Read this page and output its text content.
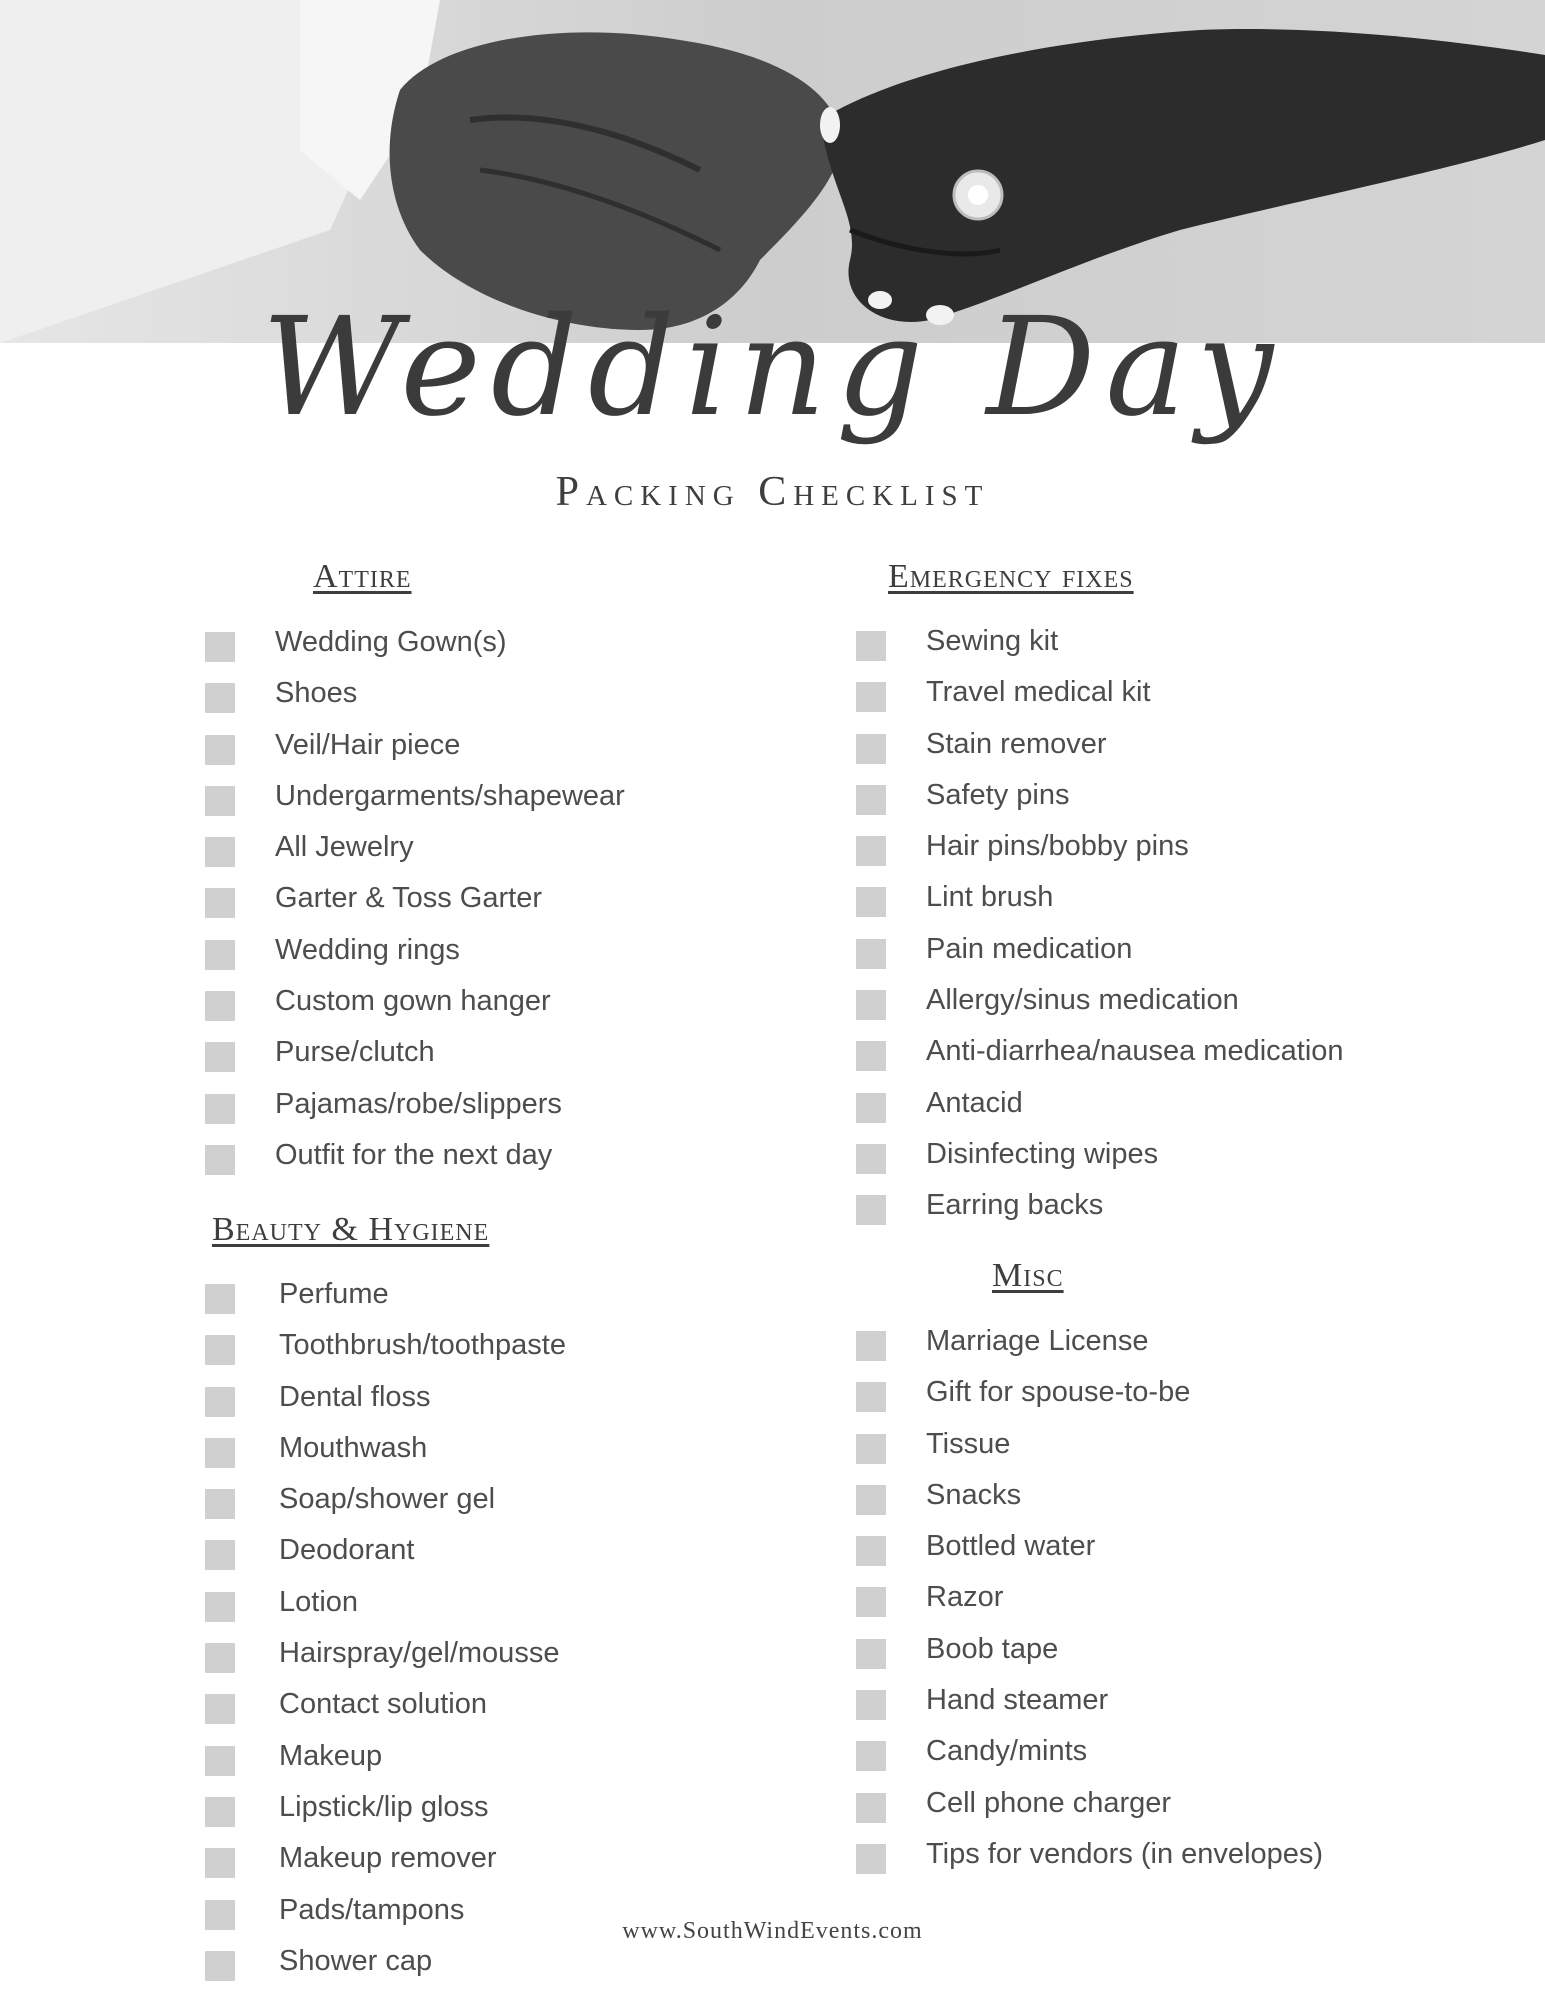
Wedding Day
Packing Checklist
Attire
Wedding Gown(s)
Shoes
Veil/Hair piece
Undergarments/shapewear
All Jewelry
Garter & Toss Garter
Wedding rings
Custom gown hanger
Purse/clutch
Pajamas/robe/slippers
Outfit for the next day
Beauty & Hygiene
Perfume
Toothbrush/toothpaste
Dental floss
Mouthwash
Soap/shower gel
Deodorant
Lotion
Hairspray/gel/mousse
Contact solution
Makeup
Lipstick/lip gloss
Makeup remover
Pads/tampons
Shower cap
Emergency fixes
Sewing kit
Travel medical kit
Stain remover
Safety pins
Hair pins/bobby pins
Lint brush
Pain medication
Allergy/sinus medication
Anti-diarrhea/nausea medication
Antacid
Disinfecting wipes
Earring backs
Misc
Marriage License
Gift for spouse-to-be
Tissue
Snacks
Bottled water
Razor
Boob tape
Hand steamer
Candy/mints
Cell phone charger
Tips for vendors (in envelopes)
www.SouthWindEvents.com
